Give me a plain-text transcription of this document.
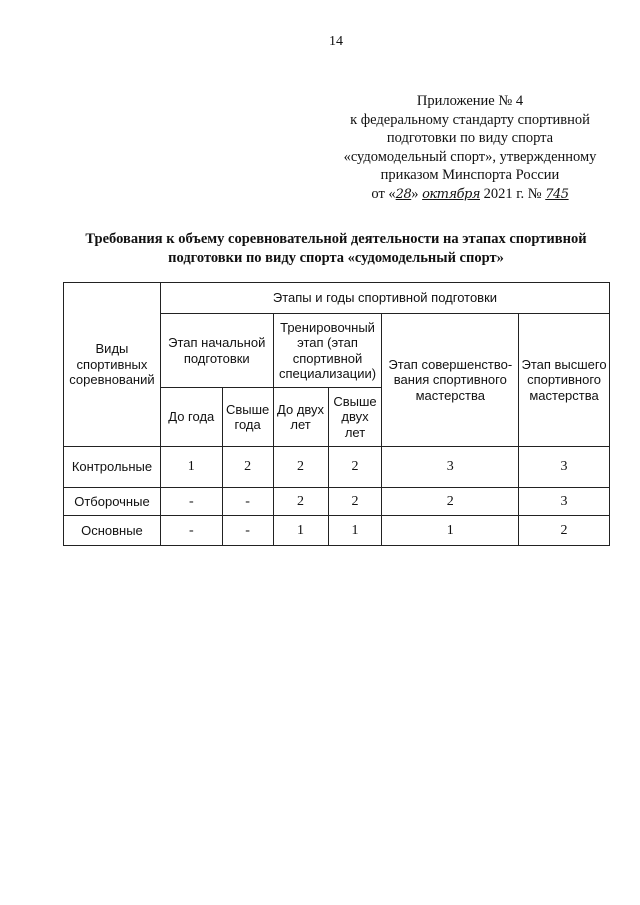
14
Приложение № 4
к федеральному стандарту спортивной
подготовки по виду спорта
«судомодельный спорт», утвержденному
приказом Минспорта России
от «28» октября 2021 г. № 745
Требования к объему соревновательной деятельности на этапах спортивной
подготовки по виду спорта «судомодельный спорт»
Виды спортивных соревнований	Этапы и годы спортивной подготовки					
	Этап начальной подготовки		Тренировочный этап (этап спортивной специализации)		Этап совершенство-вания спортивного мастерства	Этап высшего спортивного мастерства
	До года	Свыше года	До двух лет	Свыше двух лет		
Контрольные	1	2	2	2	3	3
Отборочные	-	-	2	2	2	3
Основные	-	-	1	1	1	2
